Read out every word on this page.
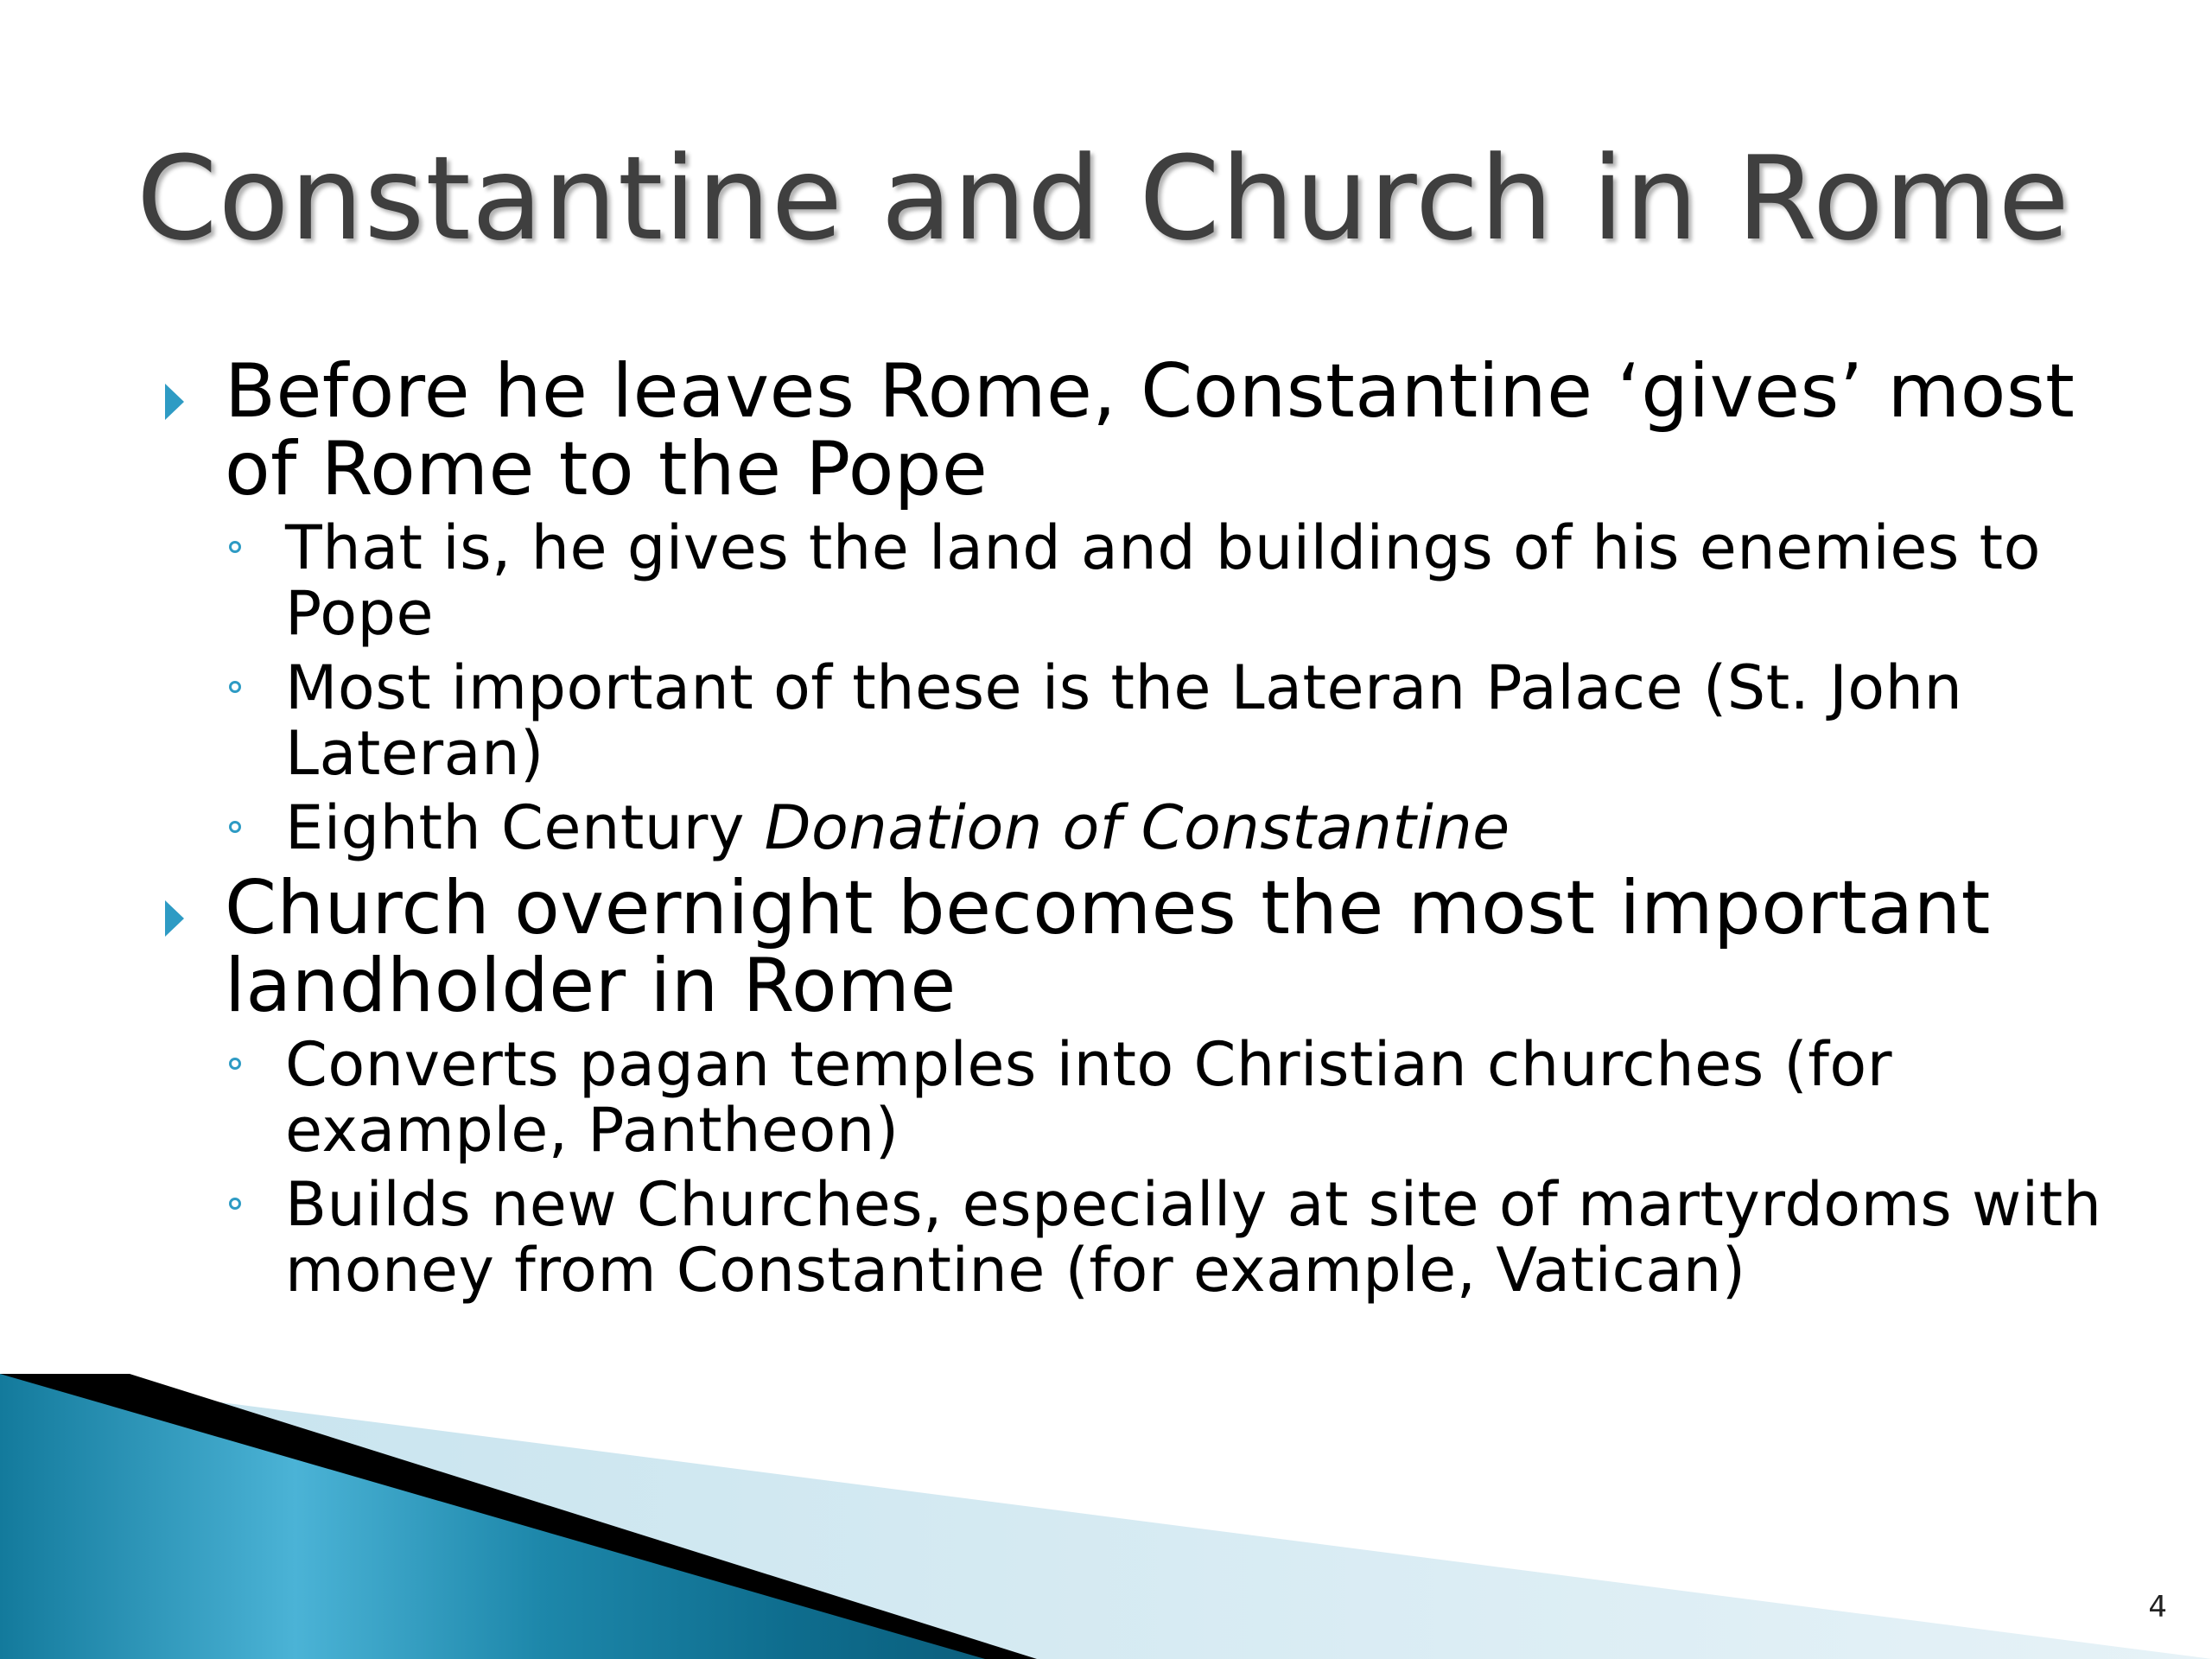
Constantine and Church in Rome
Before he leaves Rome, Constantine ‘gives’ most of Rome to the Pope
That is, he gives the land and buildings of his enemies to Pope
Most important of these is the Lateran Palace (St. John Lateran)
Eighth Century Donation of Constantine
Church overnight becomes the most important landholder in Rome
Converts pagan temples into Christian churches (for example, Pantheon)
Builds new Churches, especially at site of martyrdoms with money from Constantine (for example, Vatican)
4
